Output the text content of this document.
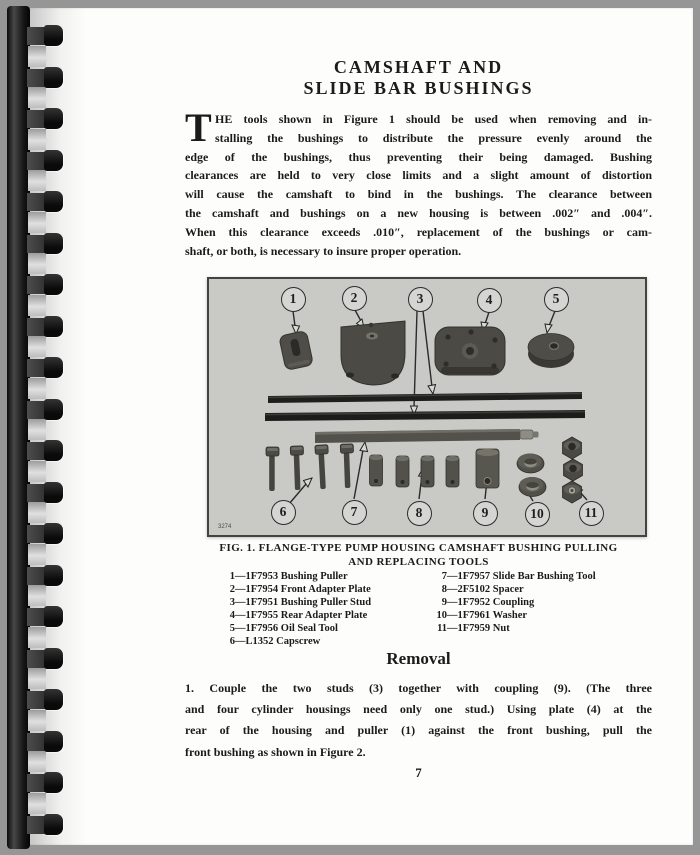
CAMSHAFT AND
SLIDE BAR BUSHINGS
T HE tools shown in Figure 1 should be used when removing and in-
stalling the bushings to distribute the pressure evenly around the
edge of the bushings, thus preventing their being damaged. Bushing
clearances are held to very close limits and a slight amount of distortion
will cause the camshaft to bind in the bushings. The clearance between
the camshaft and bushings on a new housing is between .002″ and .004″.
When this clearance exceeds .010″, replacement of the bushings or cam-
shaft, or both, is necessary to insure proper operation.
3274
1	2	3	4	5
6	7	8	9	10	11
FIG. 1. FLANGE-TYPE PUMP HOUSING CAMSHAFT BUSHING PULLING
AND REPLACING TOOLS
1 —1F7953 Bushing Puller
2 —1F7954 Front Adapter Plate
3 —1F7951 Bushing Puller Stud
4 —1F7955 Rear Adapter Plate
5 —1F7956 Oil Seal Tool
6 —L1352 Capscrew
7 —1F7957 Slide Bar Bushing Tool
8 —2F5102 Spacer
9 —1F7952 Coupling
10 —1F7961 Washer
11 —1F7959 Nut
Removal
1. Couple the two studs (3) together with coupling (9). (The three
and four cylinder housings need only one stud.) Using plate (4) at the
rear of the housing and puller (1) against the front bushing, pull the
front bushing as shown in Figure 2.
7
